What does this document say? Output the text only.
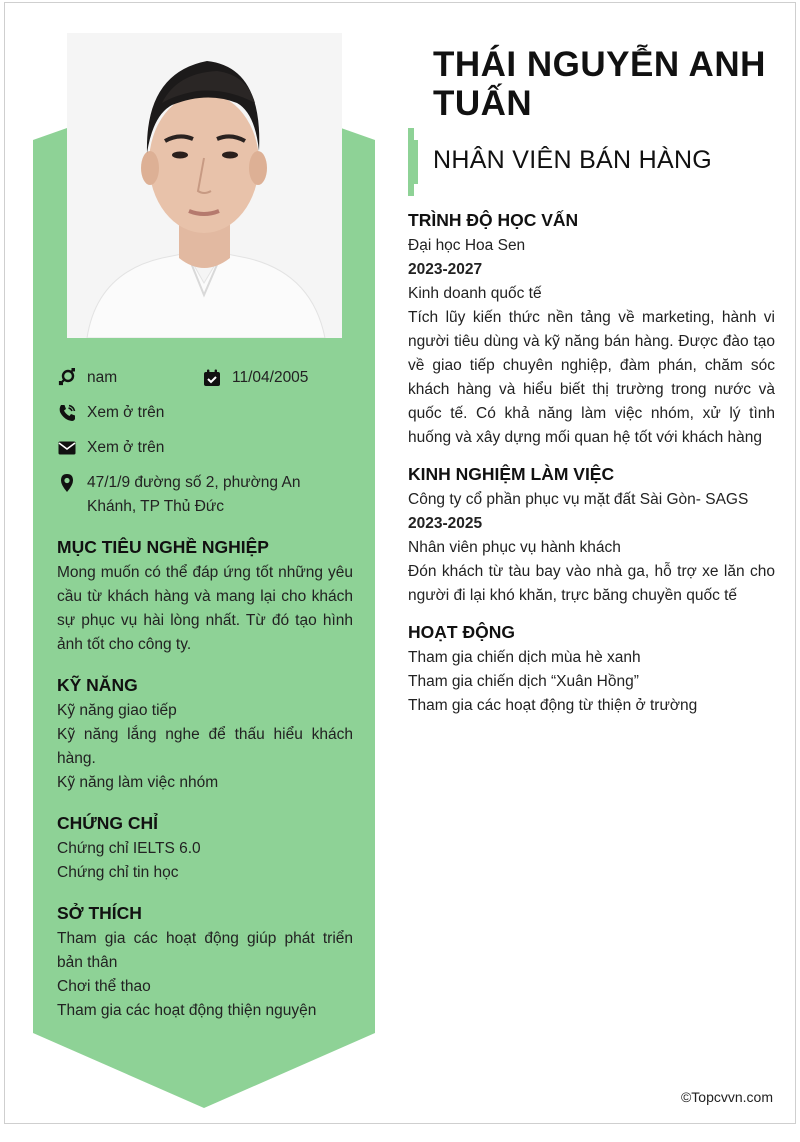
nam	11/04/2005
Xem ở trên
Xem ở trên
47/1/9 đường số 2, phường An Khánh, TP Thủ Đức
MỤC TIÊU NGHỀ NGHIỆP
Mong muốn có thể đáp ứng tốt những yêu cầu từ khách hàng và mang lại cho khách sự phục vụ hài lòng nhất. Từ đó tạo hình ảnh tốt cho công ty.
KỸ NĂNG
Kỹ năng giao tiếp
Kỹ năng lắng nghe để thấu hiểu khách hàng.
Kỹ năng làm việc nhóm
CHỨNG CHỈ
Chứng chỉ IELTS 6.0
Chứng chỉ tin học
SỞ THÍCH
Tham gia các hoạt động giúp phát triển bản thân
Chơi thể thao
Tham gia các hoạt động thiện nguyện
THÁI NGUYỄN ANH TUẤN
NHÂN VIÊN BÁN HÀNG
TRÌNH ĐỘ HỌC VẤN
Đại học Hoa Sen
2023-2027
Kinh doanh quốc tế
Tích lũy kiến thức nền tảng về marketing, hành vi người tiêu dùng và kỹ năng bán hàng. Được đào tạo về giao tiếp chuyên nghiệp, đàm phán, chăm sóc khách hàng và hiểu biết thị trường trong nước và quốc tế. Có khả năng làm việc nhóm, xử lý tình huống và xây dựng mối quan hệ tốt với khách hàng
KINH NGHIỆM LÀM VIỆC
Công ty cổ phần phục vụ mặt đất Sài Gòn- SAGS
2023-2025
Nhân viên phục vụ hành khách
Đón khách từ tàu bay vào nhà ga, hỗ trợ xe lăn cho người đi lại khó khăn, trực băng chuyền quốc tế
HOẠT ĐỘNG
Tham gia chiến dịch mùa hè xanh
Tham gia chiến dịch “Xuân Hồng”
Tham gia các hoạt động từ thiện ở trường
©Topcvvn.com
